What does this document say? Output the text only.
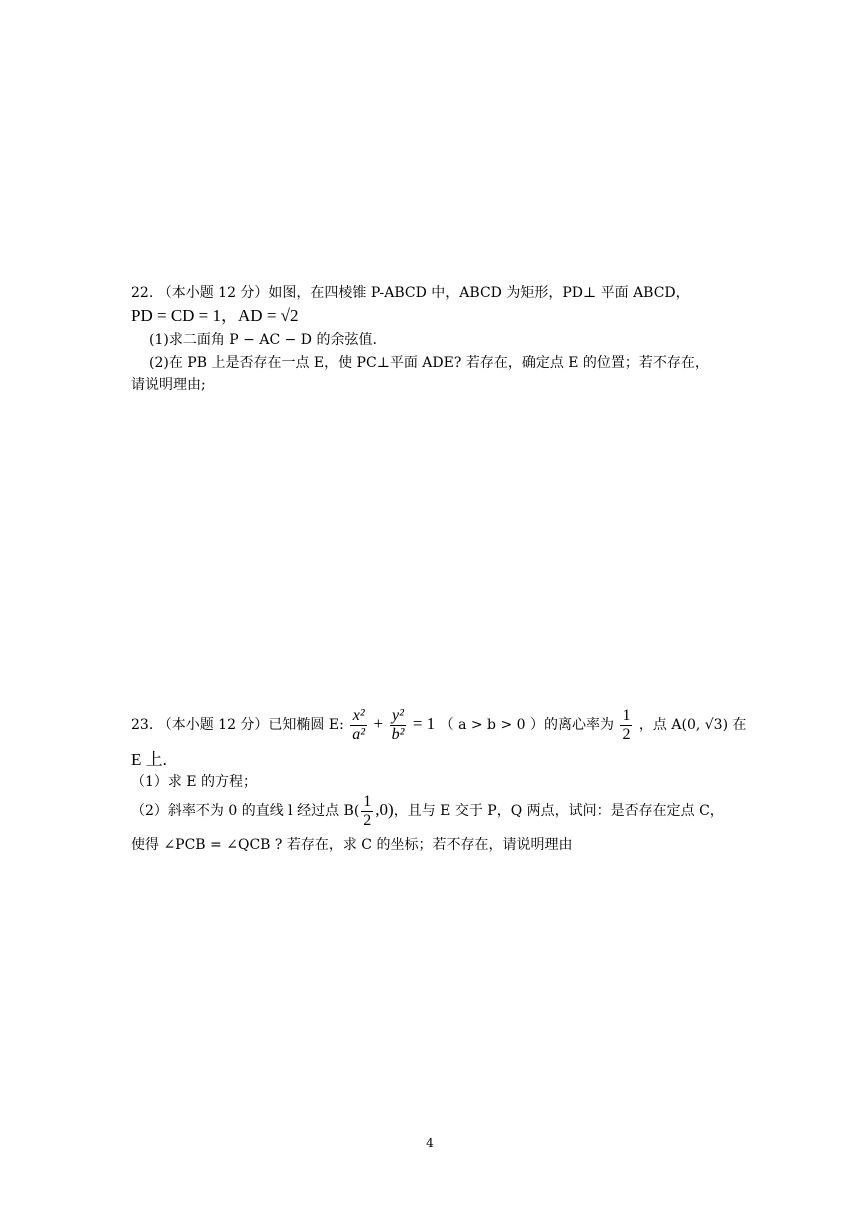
22. （本小题 12 分）如图，在四棱锥 P-ABCD 中，ABCD 为矩形，PD⊥ 平面 ABCD，
PD = CD = 1，AD = √2
(1)求二面角 P − AC − D 的余弦值.
(2)在 PB 上是否存在一点 E，使 PC⊥平面 ADE? 若存在，确定点 E 的位置；若不存在，
请说明理由;
23. （本小题 12 分）已知椭圆 E: $\frac{\text{x²}}{\text{a²}} + \frac{\text{y²}}{\text{b²}} = 1$ （ a > b > 0 ）的离心率为 $\frac{1}{2}$ ，点 A(0, √3) 在
E 上.
（1）求 E 的方程；
（2）斜率不为 0 的直线 l 经过点 $B( \frac{1}{2} ,0)$，且与 E 交于 P，Q 两点，试问：是否存在定点 C，
使得 ∠PCB = ∠QCB ? 若存在，求 C 的坐标；若不存在，请说明理由
4
